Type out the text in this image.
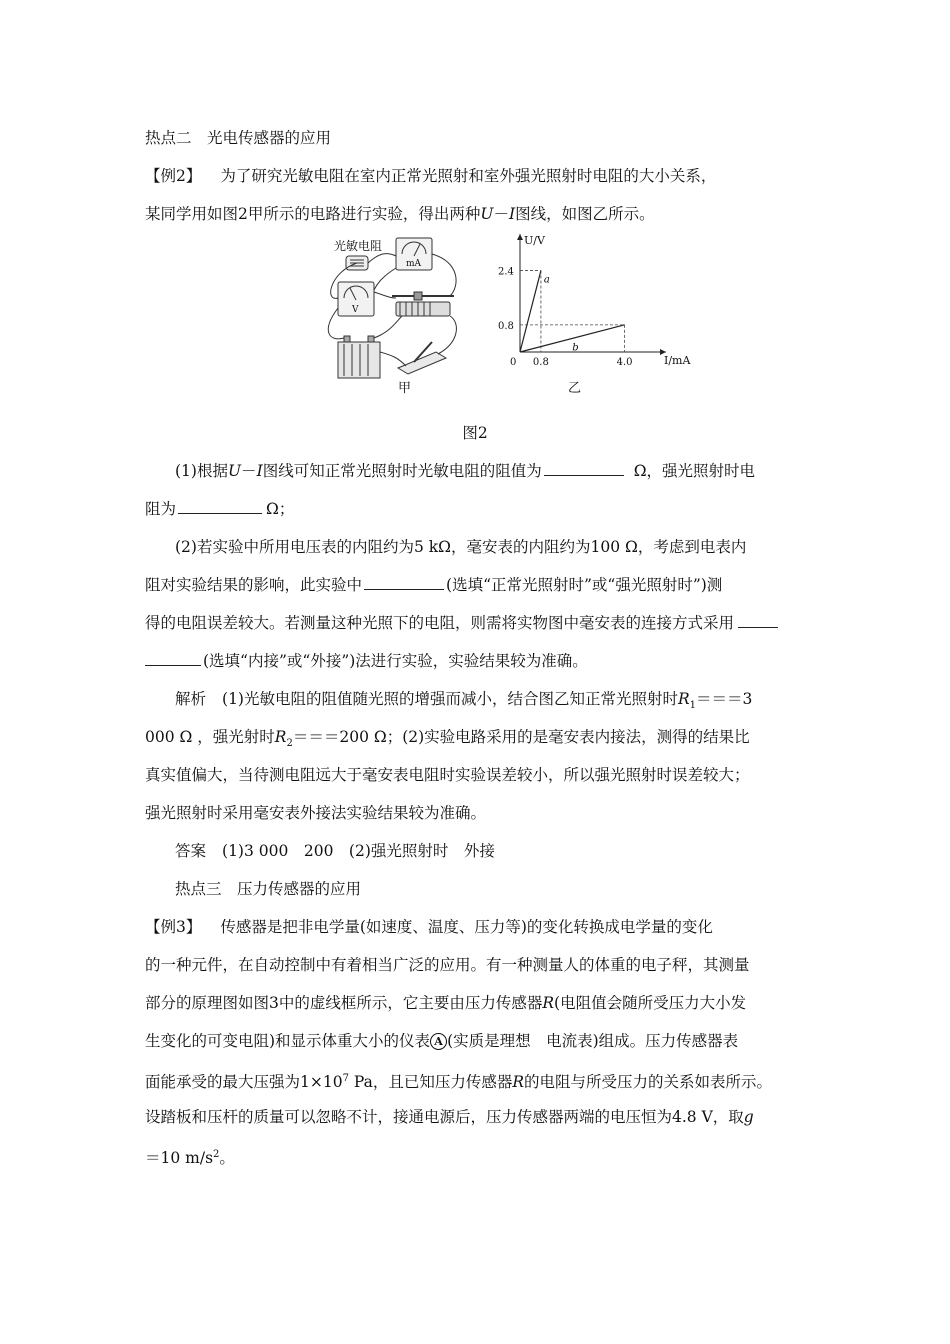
热点二　光电传感器的应用
【例2】 为了研究光敏电阻在室内正常光照射和室外强光照射时电阻的大小关系，
某同学用如图2甲所示的电路进行实验，得出两种U－I图线，如图乙所示。
光敏电阻
mA
V
甲
U/V
I/mA
0 0.8	4.0
2.4
0.8
a
b
乙
图2
(1)根据U－I图线可知正常光照射时光敏电阻的阻值为	Ω，强光照射时电
阻为	Ω；
(2)若实验中所用电压表的内阻约为5 kΩ，毫安表的内阻约为100 Ω，考虑到电表内
阻对实验结果的影响，此实验中	(选填“正常光照射时”或“强光照射时”)测
得的电阻误差较大。若测量这种光照下的电阻，则需将实物图中毫安表的连接方式采用
(选填“内接”或“外接”)法进行实验，实验结果较为准确。
解析 (1)光敏电阻的阻值随光照的增强而减小，结合图乙知正常光照射时$R_1===3$
000 Ω ，强光射时$R_2===200$ Ω；(2)实验电路采用的是毫安表内接法，测得的结果比
真实值偏大，当待测电阻远大于毫安表电阻时实验误差较小，所以强光照射时误差较大；
强光照射时采用毫安表外接法实验结果较为准确。
答案 (1)3 000　200　(2)强光照射时　外接
热点三　压力传感器的应用
【例3】 传感器是把非电学量(如速度、温度、压力等)的变化转换成电学量的变化
的一种元件，在自动控制中有着相当广泛的应用。有一种测量人的体重的电子秤，其测量
部分的原理图如图3中的虚线框所示，它主要由压力传感器R(电阻值会随所受压力大小发
生变化的可变电阻)和显示体重大小的仪表 A (实质是理想　电流表)组成。压力传感器表
面能承受的最大压强为$1\times 10^7$ Pa，且已知压力传感器R的电阻与所受压力的关系如表所示。
设踏板和压杆的质量可以忽略不计，接通电源后，压力传感器两端的电压恒为4.8 V，取g
＝10 $m/s^2$。
